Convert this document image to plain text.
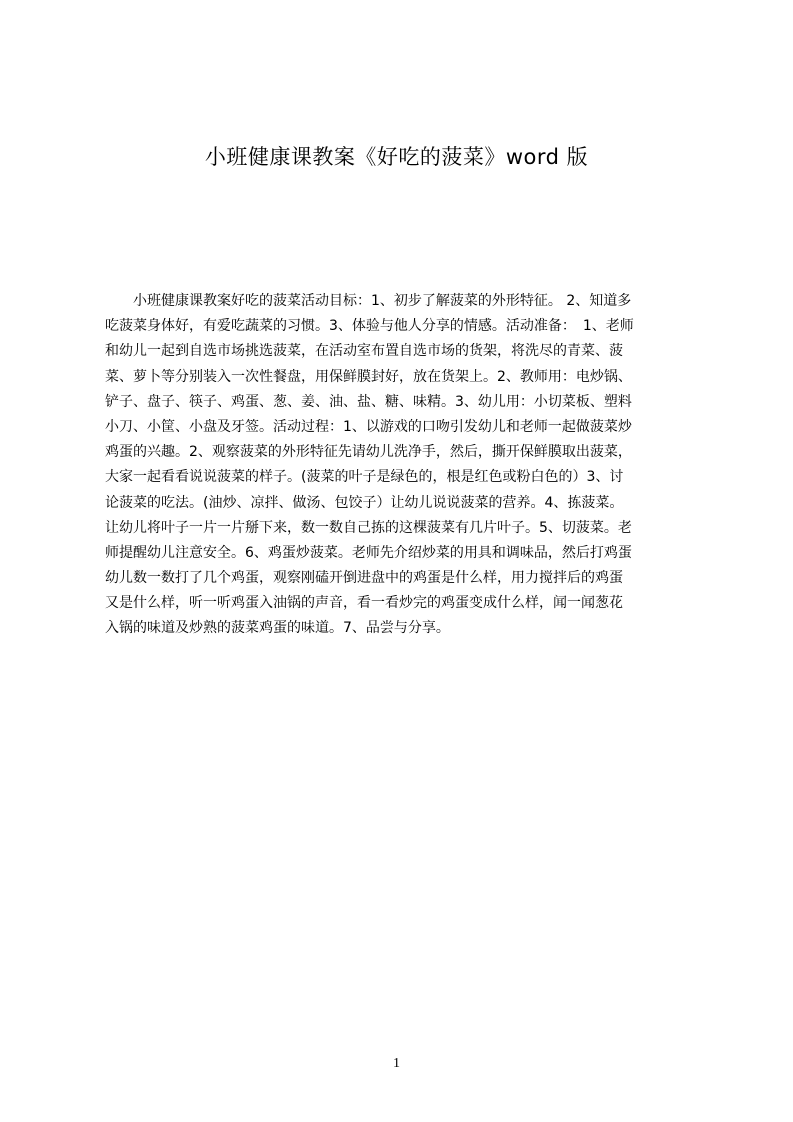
小班健康课教案《好吃的菠菜》word 版
　　小班健康课教案好吃的菠菜活动目标：1、初步了解菠菜的外形特征。 2、知道多
吃菠菜身体好，有爱吃蔬菜的习惯。3、体验与他人分享的情感。活动准备：　1、老师
和幼儿一起到自选市场挑选菠菜，在活动室布置自选市场的货架，将洗尽的青菜、菠
菜、萝卜等分别装入一次性餐盘，用保鲜膜封好，放在货架上。2、教师用：电炒锅、
铲子、盘子、筷子、鸡蛋、葱、姜、油、盐、糖、味精。3、幼儿用：小切菜板、塑料
小刀、小筐、小盘及牙签。活动过程：1、以游戏的口吻引发幼儿和老师一起做菠菜炒
鸡蛋的兴趣。2、观察菠菜的外形特征先请幼儿洗净手，然后，撕开保鲜膜取出菠菜，
大家一起看看说说菠菜的样子。(菠菜的叶子是绿色的，根是红色或粉白色的）3、讨
论菠菜的吃法。(油炒、凉拌、做汤、包饺子）让幼儿说说菠菜的营养。4、拣菠菜。
让幼儿将叶子一片一片掰下来，数一数自己拣的这棵菠菜有几片叶子。5、切菠菜。老
师提醒幼儿注意安全。6、鸡蛋炒菠菜。老师先介绍炒菜的用具和调味品，然后打鸡蛋
幼儿数一数打了几个鸡蛋，观察刚磕开倒进盘中的鸡蛋是什么样，用力搅拌后的鸡蛋
又是什么样，听一听鸡蛋入油锅的声音，看一看炒完的鸡蛋变成什么样，闻一闻葱花
入锅的味道及炒熟的菠菜鸡蛋的味道。7、品尝与分享。
1
